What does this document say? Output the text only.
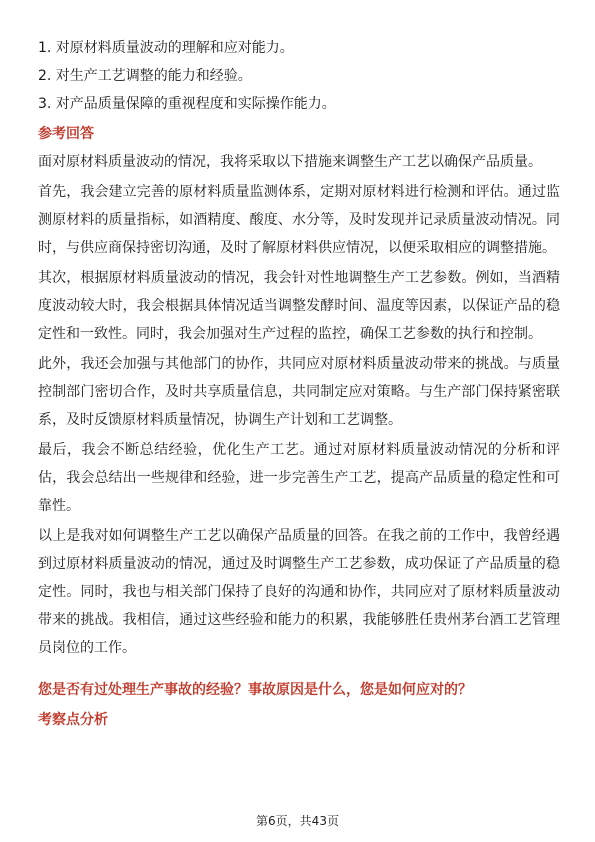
1. 对原材料质量波动的理解和应对能力。

2. 对生产工艺调整的能力和经验。

3. 对产品质量保障的重视程度和实际操作能力。

参考回答

面对原材料质量波动的情况，我将采取以下措施来调整生产工艺以确保产品质量。

首先，我会建立完善的原材料质量监测体系，定期对原材料进行检测和评估。通过监测原材料的质量指标，如酒精度、酸度、水分等，及时发现并记录质量波动情况。同时，与供应商保持密切沟通，及时了解原材料供应情况，以便采取相应的调整措施。

其次，根据原材料质量波动的情况，我会针对性地调整生产工艺参数。例如，当酒精度波动较大时，我会根据具体情况适当调整发酵时间、温度等因素，以保证产品的稳定性和一致性。同时，我会加强对生产过程的监控，确保工艺参数的执行和控制。

此外，我还会加强与其他部门的协作，共同应对原材料质量波动带来的挑战。与质量控制部门密切合作，及时共享质量信息，共同制定应对策略。与生产部门保持紧密联系，及时反馈原材料质量情况，协调生产计划和工艺调整。

最后，我会不断总结经验，优化生产工艺。通过对原材料质量波动情况的分析和评估，我会总结出一些规律和经验，进一步完善生产工艺，提高产品质量的稳定性和可靠性。

以上是我对如何调整生产工艺以确保产品质量的回答。在我之前的工作中，我曾经遇到过原材料质量波动的情况，通过及时调整生产工艺参数，成功保证了产品质量的稳定性。同时，我也与相关部门保持了良好的沟通和协作，共同应对了原材料质量波动带来的挑战。我相信，通过这些经验和能力的积累，我能够胜任贵州茅台酒工艺管理员岗位的工作。

您是否有过处理生产事故的经验？事故原因是什么，您是如何应对的？

考察点分析
第6页，共43页
